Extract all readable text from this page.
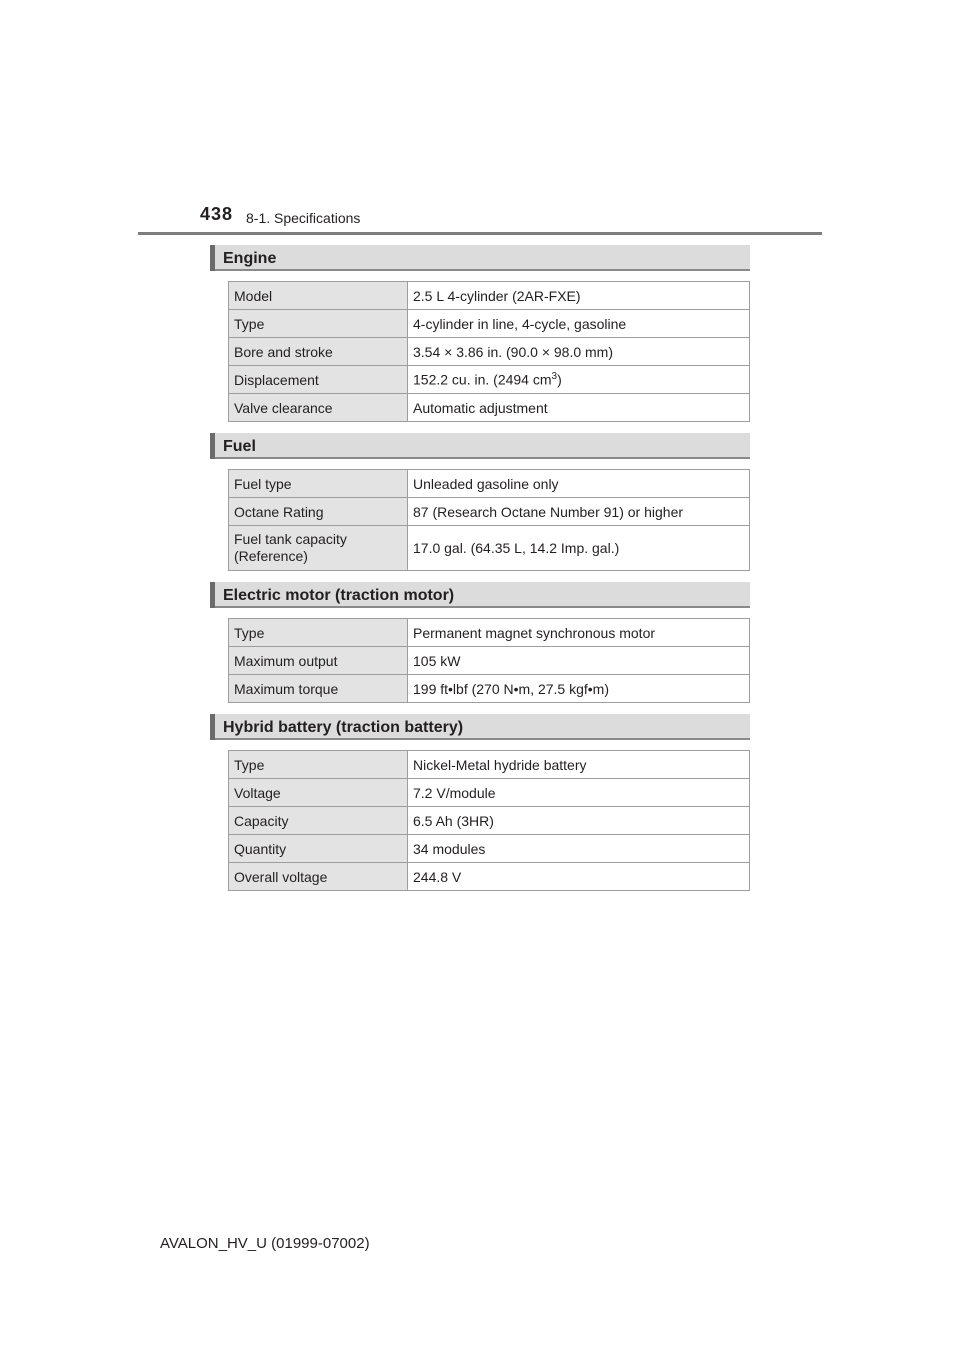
438 8-1. Specifications
Engine
Model	2.5 L 4-cylinder (2AR-FXE)
Type	4-cylinder in line, 4-cycle, gasoline
Bore and stroke	3.54 × 3.86 in. (90.0 × 98.0 mm)
Displacement	152.2 cu. in. (2494 $cm^3$)
Valve clearance	Automatic adjustment
Fuel
Fuel type	Unleaded gasoline only
Octane Rating	87 (Research Octane Number 91) or higher
Fuel tank capacity (Reference)	17.0 gal. (64.35 L, 14.2 Imp. gal.)
Electric motor (traction motor)
Type	Permanent magnet synchronous motor
Maximum output	105 kW
Maximum torque	199 ft•lbf (270 N•m, 27.5 kgf•m)
Hybrid battery (traction battery)
Type	Nickel-Metal hydride battery
Voltage	7.2 V/module
Capacity	6.5 Ah (3HR)
Quantity	34 modules
Overall voltage	244.8 V
AVALON_HV_U (01999-07002)
